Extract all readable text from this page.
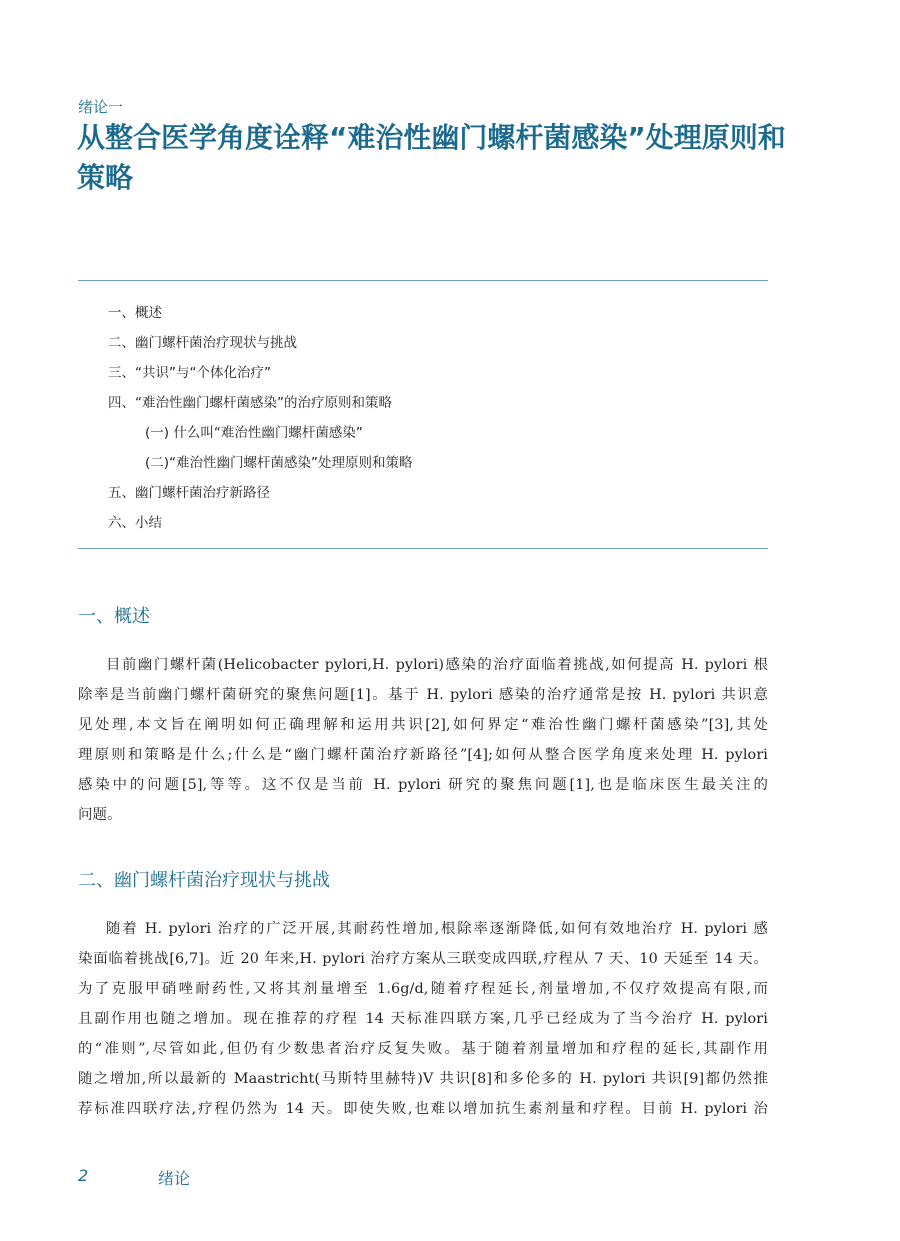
绪论一
从整合医学角度诠释“难治性幽门螺杆菌感染”处理原则和策略
一、概述
二、幽门螺杆菌治疗现状与挑战
三、“共识”与“个体化治疗”
四、“难治性幽门螺杆菌感染”的治疗原则和策略
(一) 什么叫“难治性幽门螺杆菌感染”
(二)“难治性幽门螺杆菌感染”处理原则和策略
五、幽门螺杆菌治疗新路径
六、小结
一、概述
目前幽门螺杆菌(Helicobacter pylori,H. pylori)感染的治疗面临着挑战,如何提高 H. pylori 根
除率是当前幽门螺杆菌研究的聚焦问题[1]。基于 H. pylori 感染的治疗通常是按 H. pylori 共识意
见处理,本文旨在阐明如何正确理解和运用共识[2],如何界定“难治性幽门螺杆菌感染”[3],其处
理原则和策略是什么;什么是“幽门螺杆菌治疗新路径”[4];如何从整合医学角度来处理 H. pylori
感染中的问题[5],等等。这不仅是当前 H. pylori 研究的聚焦问题[1],也是临床医生最关注的
问题。
二、幽门螺杆菌治疗现状与挑战
随着 H. pylori 治疗的广泛开展,其耐药性增加,根除率逐渐降低,如何有效地治疗 H. pylori 感
染面临着挑战[6,7]。近 20 年来,H. pylori 治疗方案从三联变成四联,疗程从 7 天、10 天延至 14 天。
为了克服甲硝唑耐药性,又将其剂量增至 1.6g/d,随着疗程延长,剂量增加,不仅疗效提高有限,而
且副作用也随之增加。现在推荐的疗程 14 天标准四联方案,几乎已经成为了当今治疗 H. pylori
的“准则”,尽管如此,但仍有少数患者治疗反复失败。基于随着剂量增加和疗程的延长,其副作用
随之增加,所以最新的 Maastricht(马斯特里赫特)V 共识[8]和多伦多的 H. pylori 共识[9]都仍然推
荐标准四联疗法,疗程仍然为 14 天。即使失败,也难以增加抗生素剂量和疗程。目前 H. pylori 治
2	绪论
